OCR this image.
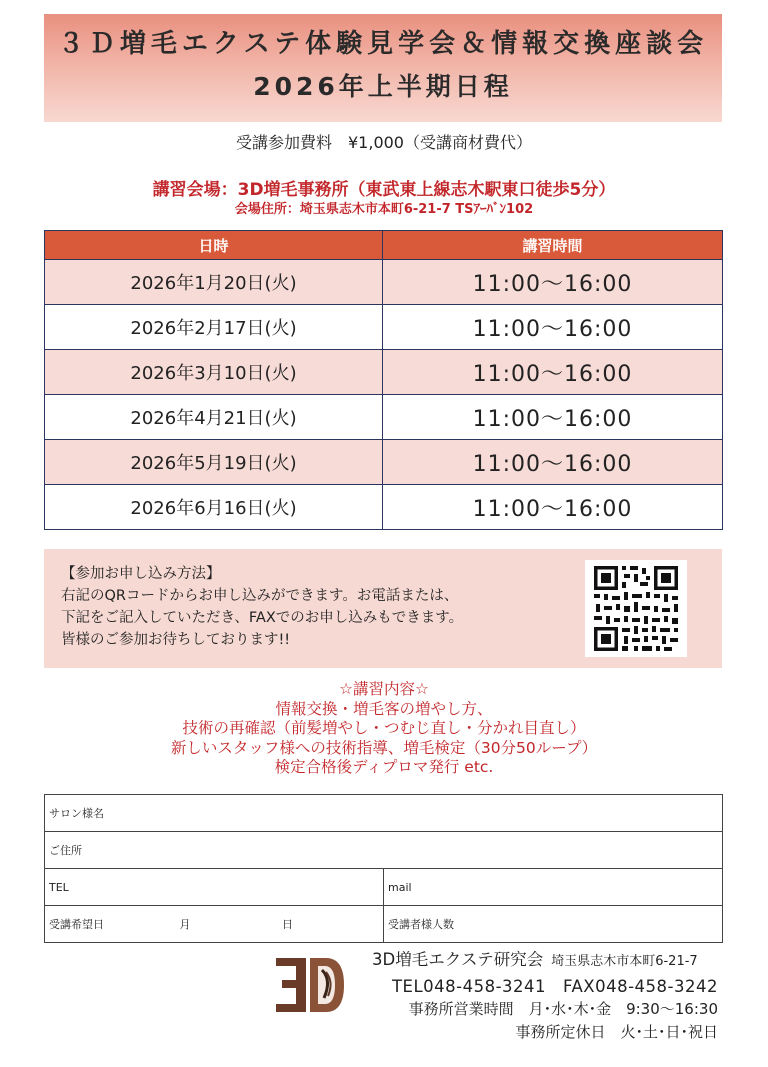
３Ｄ増毛エクステ体験見学会＆情報交換座談会
2026年上半期日程
受講参加費料　¥1,000（受講商材費代）
講習会場：3D増毛事務所（東武東上線志木駅東口徒歩5分）
会場住所：埼玉県志木市本町6-21-7 TSｱｰﾊﾞﾝ102
日時	講習時間
2026年1月20日(火)	11:00～16:00
2026年2月17日(火)	11:00～16:00
2026年3月10日(火)	11:00～16:00
2026年4月21日(火)	11:00～16:00
2026年5月19日(火)	11:00～16:00
2026年6月16日(火)	11:00～16:00
【参加お申し込み方法】
右記のQRコードからお申し込みができます。お電話または、
下記をご記入していただき、FAXでのお申し込みもできます。
皆様のご参加お待ちしております!!
☆講習内容☆
情報交換・増毛客の増やし方、
技術の再確認（前髪増やし・つむじ直し・分かれ目直し）
新しいスタッフ様への技術指導、増毛検定（30分50ループ）
検定合格後ディプロマ発行 etc.
サロン様名	
ご住所	
TEL	mail
受講希望日 月 日	受講者様人数
3D増毛エクステ研究会 埼玉県志木市本町6-21-7
TEL048-458-3241　FAX048-458-3242
事務所営業時間　月･水･木･金　9:30～16:30
事務所定休日　火･土･日･祝日
